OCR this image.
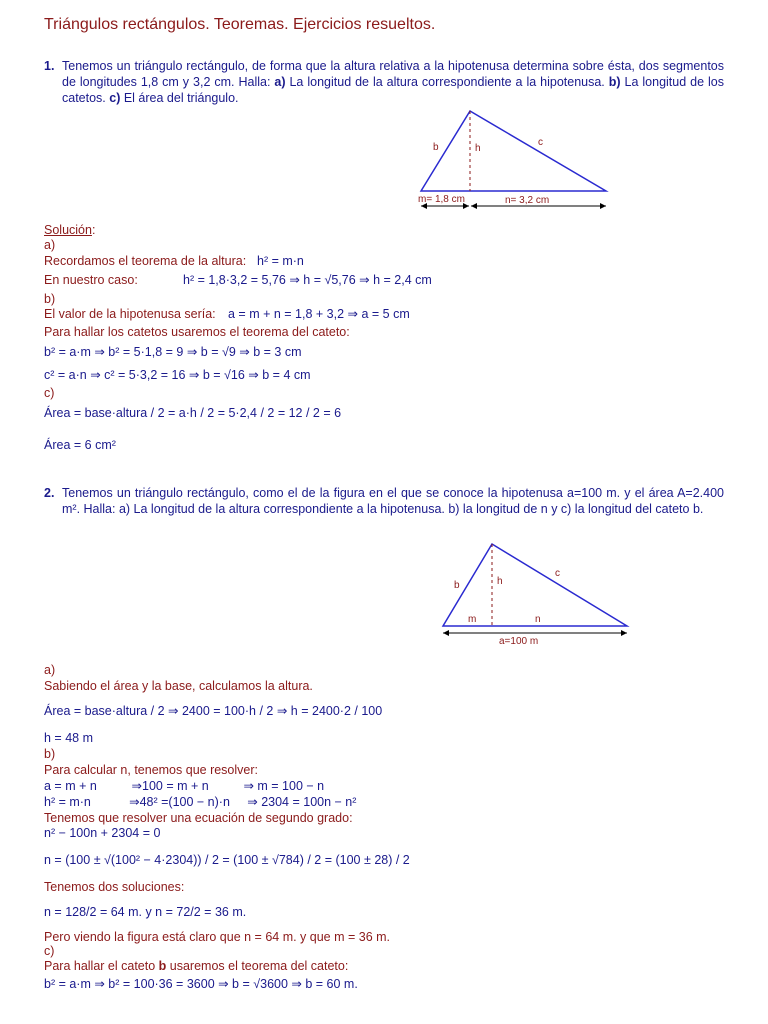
Triángulos rectángulos. Teoremas. Ejercicios resueltos.
1. Tenemos un triángulo rectángulo, de forma que la altura relativa a la hipotenusa determina sobre ésta, dos segmentos de longitudes 1,8 cm y 3,2 cm. Halla: a) La longitud de la altura correspondiente a la hipotenusa. b) La longitud de los catetos. c) El área del triángulo.
b	h
c
m= 1,8 cm	n= 3,2 cm
Solución:
a)
Recordamos el teorema de la altura: h² = m·n
En nuestro caso:	h² = 1,8·3,2 = 5,76 ⇒ h = √5,76 ⇒ h = 2,4 cm
b)
El valor de la hipotenusa sería: a = m + n = 1,8 + 3,2 ⇒ a = 5 cm
Para hallar los catetos usaremos el teorema del cateto:
b² = a·m ⇒ b² = 5·1,8 = 9 ⇒ b = √9 ⇒ b = 3 cm
c² = a·n ⇒ c² = 5·3,2 = 16 ⇒ b = √16 ⇒ b = 4 cm
c)
Área = base·altura / 2 = a·h / 2 = 5·2,4 / 2 = 12 / 2 = 6
Área = 6 cm²
2. Tenemos un triángulo rectángulo, como el de la figura en el que se conoce la hipotenusa a=100 m. y el área A=2.400 m². Halla: a) La longitud de la altura correspondiente a la hipotenusa. b) la longitud de n y c) la longitud del cateto b.
b	h
c
m	n
a=100 m
a)
Sabiendo el área y la base, calculamos la altura.
Área = base·altura / 2 ⇒ 2400 = 100·h / 2 ⇒ h = 2400·2 / 100
h = 48 m
b)
Para calcular n, tenemos que resolver:
a = m + n          ⇒100 = m + n          ⇒ m = 100 − n
h² = m·n           ⇒48² =(100 − n)·n     ⇒ 2304 = 100n − n²
Tenemos que resolver una ecuación de segundo grado:
n² − 100n + 2304 = 0
n = (100 ± √(100² − 4·2304)) / 2 = (100 ± √784) / 2 = (100 ± 28) / 2
Tenemos dos soluciones:
n = 128/2 = 64 m. y n = 72/2 = 36 m.
Pero viendo la figura está claro que n = 64 m. y que m = 36 m.
c)
Para hallar el cateto b usaremos el teorema del cateto:
b² = a·m ⇒ b² = 100·36 = 3600 ⇒ b = √3600 ⇒ b = 60 m.
